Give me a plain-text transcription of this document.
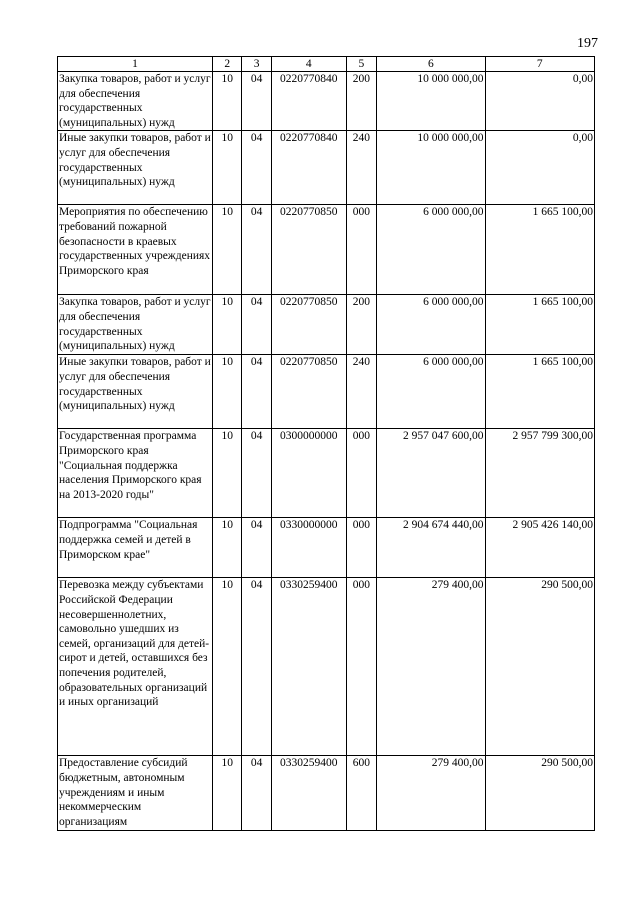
197
1	2	3	4	5	6	7
Закупка товаров, работ и услуг для обеспечения государственных (муниципальных) нужд	10	04	0220770840	200	10 000 000,00	0,00
Иные закупки товаров, работ и услуг для обеспечения государственных (муниципальных) нужд	10	04	0220770840	240	10 000 000,00	0,00
Мероприятия по обеспечению требований пожарной безопасности в краевых государственных учреждениях Приморского края	10	04	0220770850	000	6 000 000,00	1 665 100,00
Закупка товаров, работ и услуг для обеспечения государственных (муниципальных) нужд	10	04	0220770850	200	6 000 000,00	1 665 100,00
Иные закупки товаров, работ и услуг для обеспечения государственных (муниципальных) нужд	10	04	0220770850	240	6 000 000,00	1 665 100,00
Государственная программа Приморского края "Социальная поддержка населения Приморского края на 2013-2020 годы"	10	04	0300000000	000	2 957 047 600,00	2 957 799 300,00
Подпрограмма "Социальная поддержка семей и детей в Приморском крае"	10	04	0330000000	000	2 904 674 440,00	2 905 426 140,00
Перевозка между субъектами Российской Федерации несовершеннолетних, самовольно ушедших из семей, организаций для детей-сирот и детей, оставшихся без попечения родителей, образовательных организаций и иных организаций	10	04	0330259400	000	279 400,00	290 500,00
Предоставление субсидий бюджетным, автономным учреждениям и иным некоммерческим организациям	10	04	0330259400	600	279 400,00	290 500,00
